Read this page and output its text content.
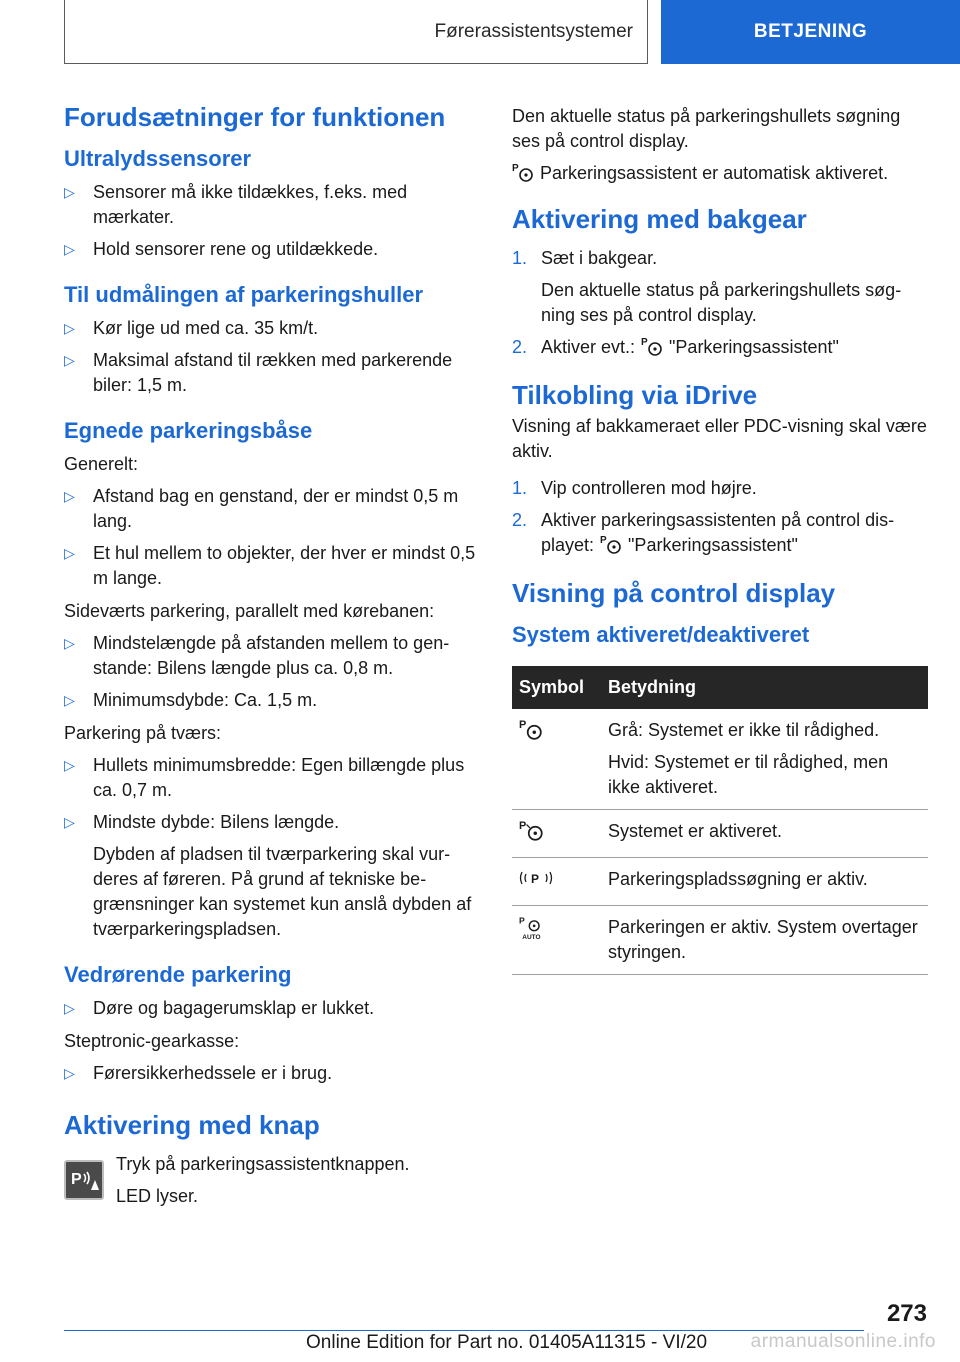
Førerassistentsystemer	BETJENING
Forudsætninger for funktionen
Ultralydssensorer
▷ Sensorer må ikke tildækkes, f.eks. med mærkater.
▷ Hold sensorer rene og utildækkede.
Til udmålingen af parkeringshuller
▷ Kør lige ud med ca. 35 km/t.
▷ Maksimal afstand til rækken med parkerende biler: 1,5 m.
Egnede parkeringsbåse

Generelt:

▷ Afstand bag en genstand, der er mindst 0,5 m lang.
▷ Et hul mellem to objekter, der hver er mindst 0,5 m lange.

Sideværts parkering, parallelt med kørebanen:

▷ Mindstelængde på afstanden mellem to genstande: Bilens længde plus ca. 0,8 m.
▷ Minimumsdybde: Ca. 1,5 m.

Parkering på tværs:

▷ Hullets minimumsbredde: Egen billængde plus ca. 0,7 m.
▷ Mindste dybde: Bilens længde.
Dybden af pladsen til tværparkering skal vurderes af føreren. På grund af tekniske begrænsninger kan systemet kun anslå dybden af tværparkeringspladsen.
Vedrørende parkering
▷ Døre og bagagerumsklap er lukket.

Steptronic-gearkasse:

▷ Førersikkerhedssele er i brug.
Aktivering med knap
P

Tryk på parkeringsassistentknappen.

LED lyser.

Den aktuelle status på parkeringshullets søgning ses på control display.

P Parkeringsassistent er automatisk aktiveret.

Aktivering med bakgear
1. Sæt i bakgear.
Den aktuelle status på parkeringshullets søgning ses på control display.
2. Aktiver evt.: P "Parkeringsassistent"
Tilkobling via iDrive

Visning af bakkameraet eller PDC-visning skal være aktiv.

1. Vip controlleren mod højre.
2. Aktiver parkeringsassistenten på control displayet: P "Parkeringsassistent"
Visning på control display
System aktiveret/deaktiveret
Symbol	Betydning

P	Grå: Systemet er ikke til rådighed.

Hvid: Systemet er til rådighed, men ikke aktiveret.

P	Systemet er aktiveret.

P	Parkeringspladssøgning er aktiv.

P
AUTO	Parkeringen er aktiv. System overtager styringen.

273
Online Edition for Part no. 01405A11315 - VI/20 armanualsonline.info
